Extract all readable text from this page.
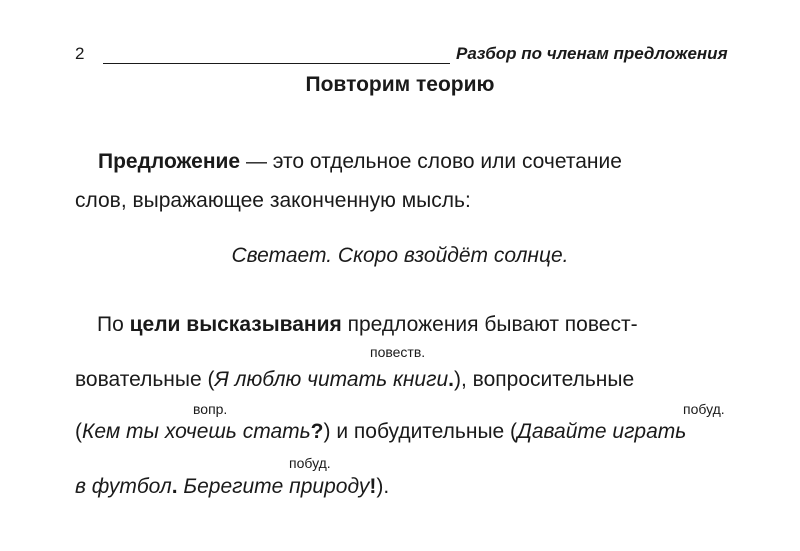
2	Разбор по членам предложения
Повторим теорию
Предложение — это отдельное слово или сочетание
слов, выражающее законченную мысль:
Светает. Скоро взойдёт солнце.
По цели высказывания предложения бывают повест-
повеств.
вовательные (Я люблю читать книги.), вопросительные
вопр.	побуд.
(Кем ты хочешь стать?) и побудительные (Давайте играть
побуд.
в футбол. Берегите природу!).
